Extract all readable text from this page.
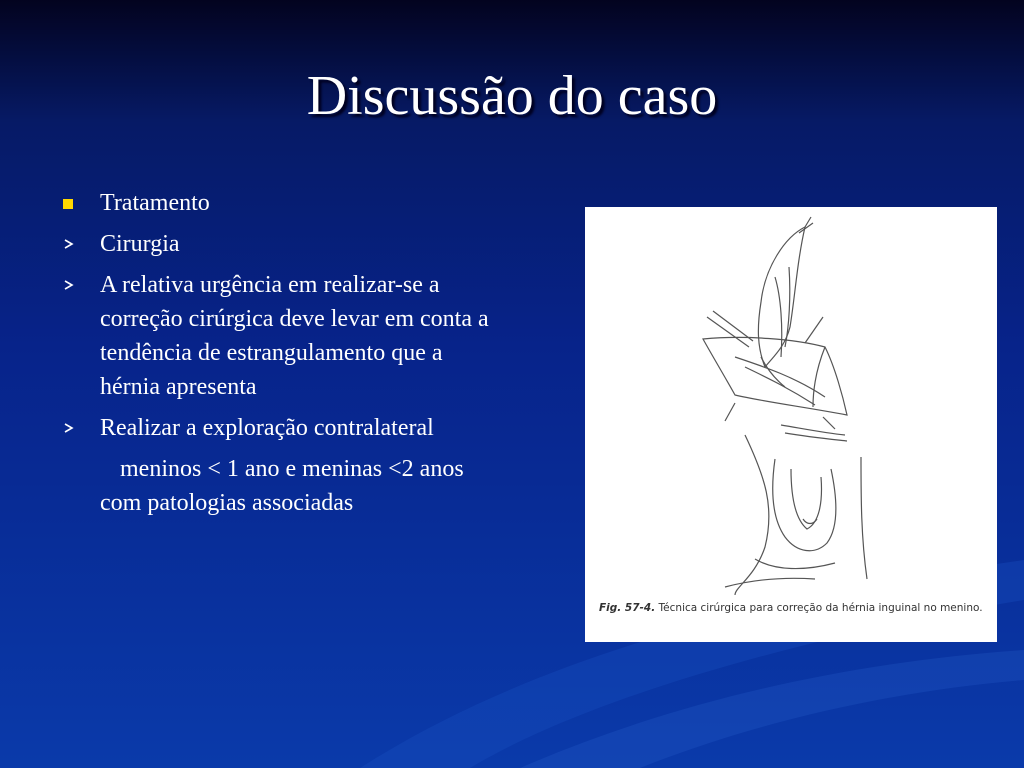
Discussão do caso
Tratamento
Cirurgia
A relativa urgência em realizar-se a correção cirúrgica deve levar em conta a tendência de estrangulamento que a hérnia apresenta
Realizar a exploração contralateral
meninos < 1 ano e meninas <2 anos com patologias associadas
Fig. 57-4. Técnica cirúrgica para correção da hérnia inguinal no menino.
